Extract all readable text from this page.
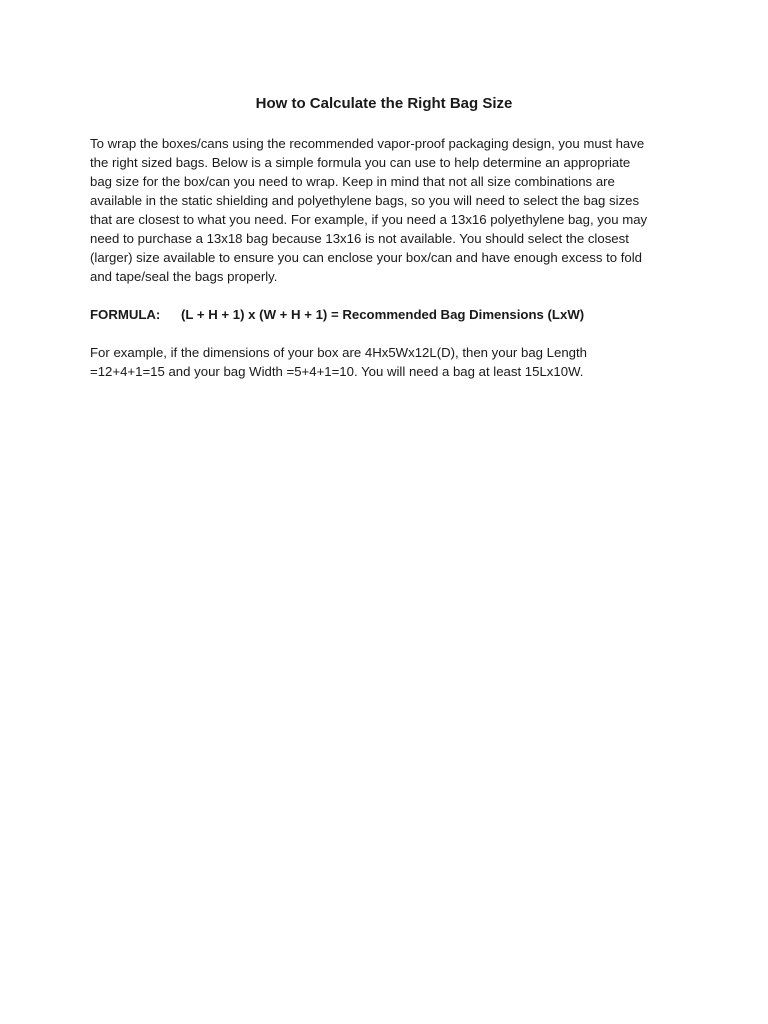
How to Calculate the Right Bag Size
To wrap the boxes/cans using the recommended vapor-proof packaging design, you must have
the right sized bags. Below is a simple formula you can use to help determine an appropriate
bag size for the box/can you need to wrap. Keep in mind that not all size combinations are
available in the static shielding and polyethylene bags, so you will need to select the bag sizes
that are closest to what you need. For example, if you need a 13x16 polyethylene bag, you may
need to purchase a 13x18 bag because 13x16 is not available. You should select the closest
(larger) size available to ensure you can enclose your box/can and have enough excess to fold
and tape/seal the bags properly.
FORMULA: (L + H + 1) x (W + H + 1) = Recommended Bag Dimensions (LxW)
For example, if the dimensions of your box are 4Hx5Wx12L(D), then your bag Length
=12+4+1=15 and your bag Width =5+4+1=10. You will need a bag at least 15Lx10W.
